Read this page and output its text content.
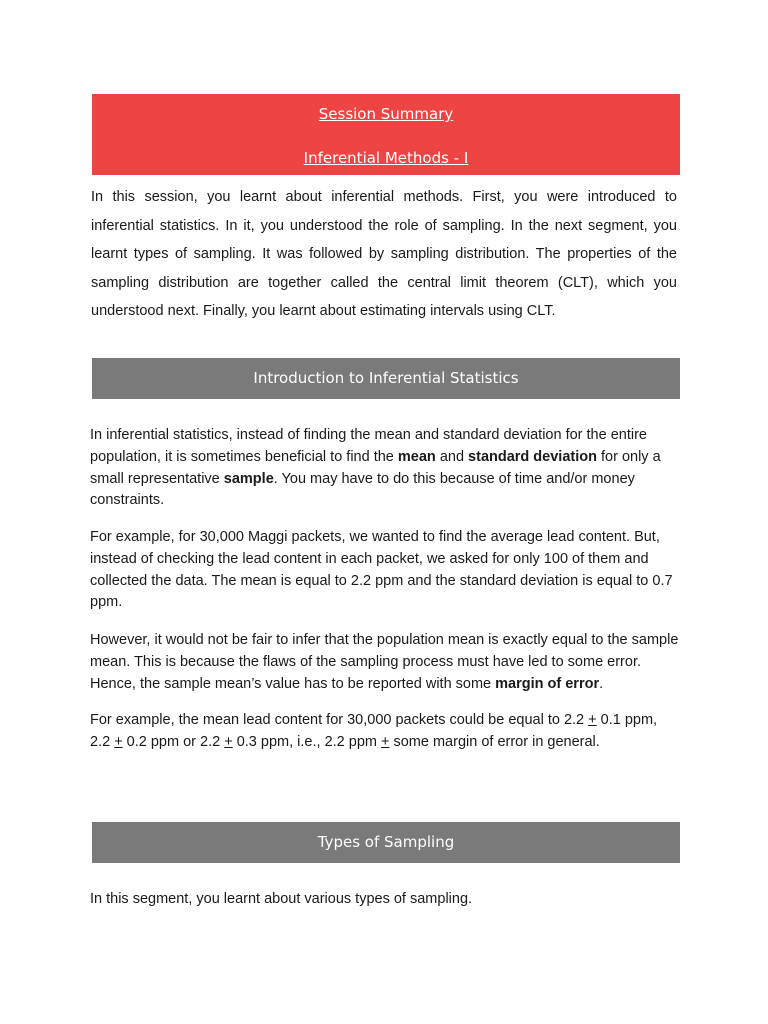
Session Summary
Inferential Methods - I
In this session, you learnt about inferential methods. First, you were introduced to inferential statistics. In it, you understood the role of sampling. In the next segment, you learnt types of sampling. It was followed by sampling distribution. The properties of the sampling distribution are together called the central limit theorem (CLT), which you understood next. Finally, you learnt about estimating intervals using CLT.
Introduction to Inferential Statistics

In inferential statistics, instead of finding the mean and standard deviation for the entire population, it is sometimes beneficial to find the mean and standard deviation for only a small representative sample. You may have to do this because of time and/or money constraints.

For example, for 30,000 Maggi packets, we wanted to find the average lead content. But, instead of checking the lead content in each packet, we asked for only 100 of them and collected the data. The mean is equal to 2.2 ppm and the standard deviation is equal to 0.7 ppm.

However, it would not be fair to infer that the population mean is exactly equal to the sample mean. This is because the flaws of the sampling process must have led to some error. Hence, the sample mean’s value has to be reported with some margin of error.

For example, the mean lead content for 30,000 packets could be equal to 2.2 + 0.1 ppm, 2.2 + 0.2 ppm or 2.2 + 0.3 ppm, i.e., 2.2 ppm + some margin of error in general.

Types of Sampling

In this segment, you learnt about various types of sampling.
